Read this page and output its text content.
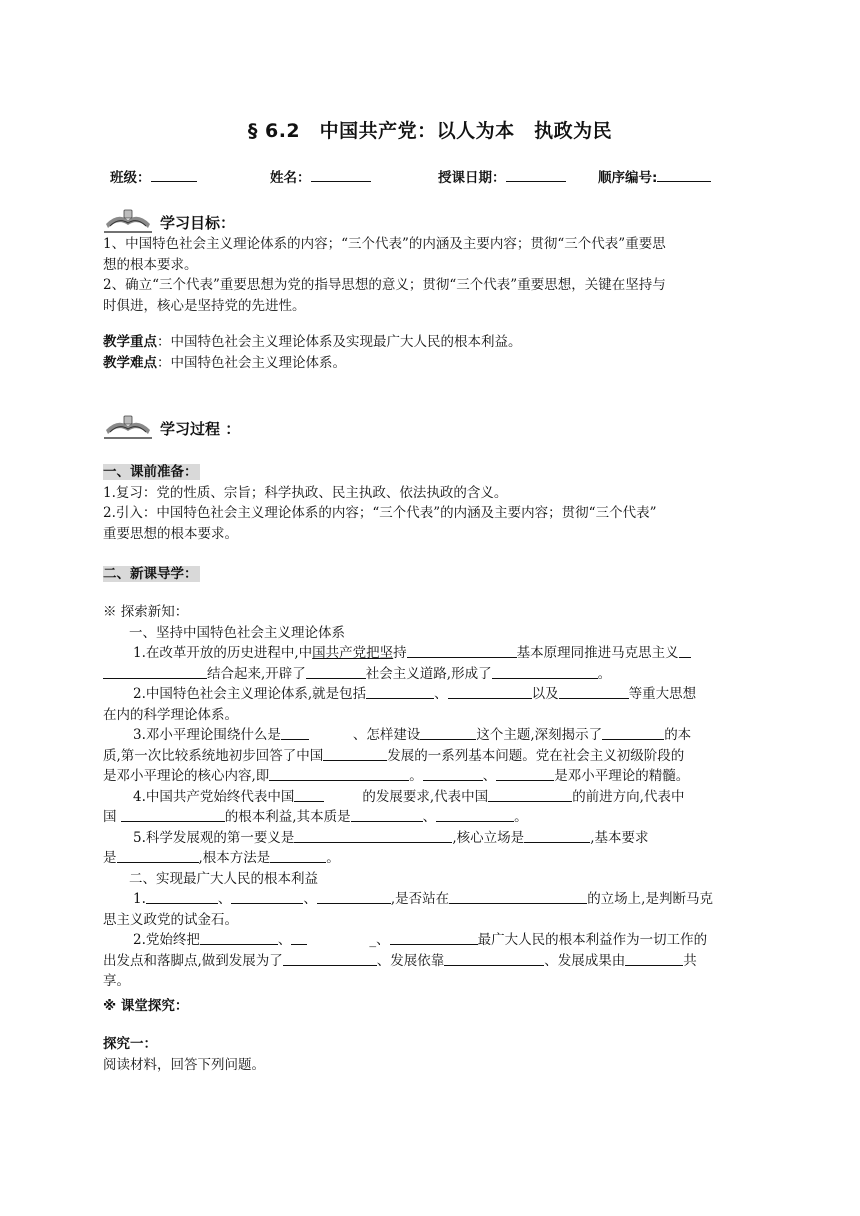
§ 6.2　中国共产党：以人为本　执政为民
班级：	姓名：	授课日期：	顺序编号:
学习目标：

1、中国特色社会主义理论体系的内容；“三个代表”的内涵及主要内容；贯彻“三个代表”重要思

想的根本要求。

2、确立“三个代表”重要思想为党的指导思想的意义；贯彻“三个代表”重要思想，关键在坚持与

时俱进，核心是坚持党的先进性。

教学重点：中国特色社会主义理论体系及实现最广大人民的根本利益。

教学难点：中国特色社会主义理论体系。

学习过程 ：

一、课前准备：

1.复习：党的性质、宗旨；科学执政、民主执政、依法执政的含义。

2.引入：中国特色社会主义理论体系的内容；“三个代表”的内涵及主要内容；贯彻“三个代表”

重要思想的根本要求。

二、新课导学：

※ 探索新知：

一、坚持中国特色社会主义理论体系

1.在改革开放的历史进程中,中国共产党把坚持	基本原理同推进马克思主义

结合起来,开辟了	社会主义道路,形成了	。

2.中国特色社会主义理论体系,就是包括	、	以及	等重大思想

在内的科学理论体系。

3.邓小平理论围绕什么是	、怎样建设	这个主题,深刻揭示了	的本

质,第一次比较系统地初步回答了中国	发展的一系列基本问题。党在社会主义初级阶段的

是邓小平理论的核心内容,即	。	、	是邓小平理论的精髓。

4.中国共产党始终代表中国	的发展要求,代表中国	的前进方向,代表中

国	的根本利益,其本质是	、	。

5.科学发展观的第一要义是	,核心立场是	,基本要求

是	,根本方法是	。

二、实现最广大人民的根本利益

1.	、	、	,是否站在	的立场上,是判断马克

思主义政党的试金石。

2.党始终把	、	_、	最广大人民的根本利益作为一切工作的

出发点和落脚点,做到发展为了	、发展依靠	、发展成果由	共

享。

※ 课堂探究：

探究一：

阅读材料，回答下列问题。
